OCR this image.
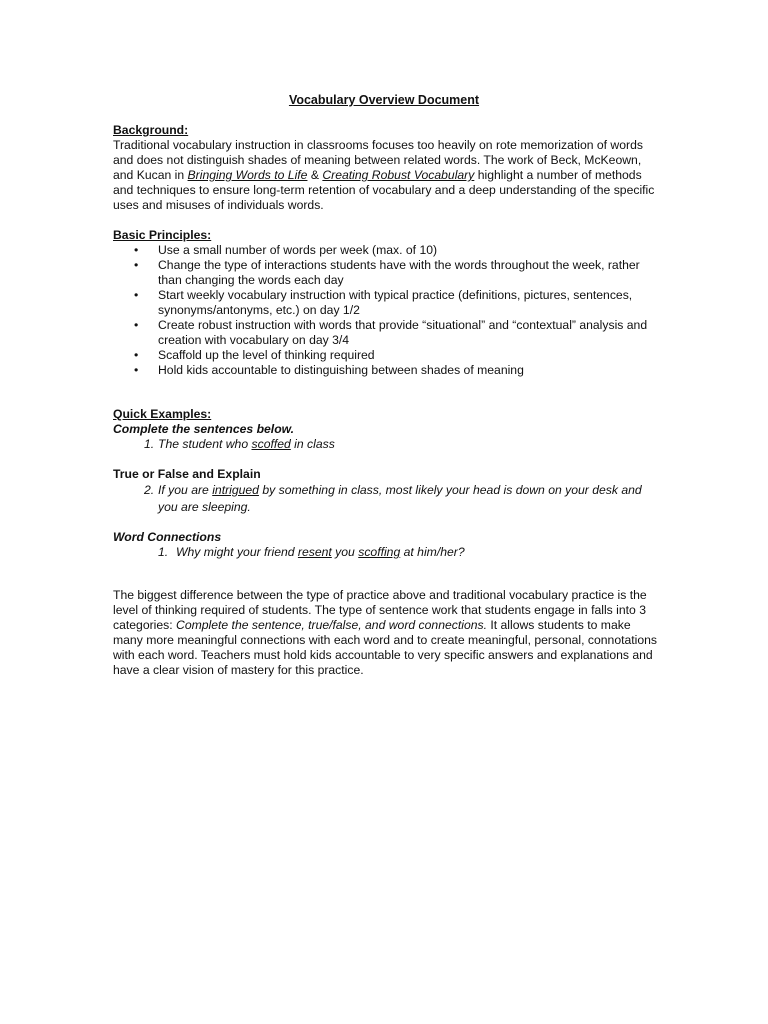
Vocabulary Overview Document
Background:

Traditional vocabulary instruction in classrooms focuses too heavily on rote memorization of words and does not distinguish shades of meaning between related words. The work of Beck, McKeown, and Kucan in Bringing Words to Life & Creating Robust Vocabulary highlight a number of methods and techniques to ensure long-term retention of vocabulary and a deep understanding of the specific uses and misuses of individuals words.

Basic Principles:
• Use a small number of words per week (max. of 10)
• Change the type of interactions students have with the words throughout the week, rather than changing the words each day
• Start weekly vocabulary instruction with typical practice (definitions, pictures, sentences, synonyms/antonyms, etc.) on day 1/2
• Create robust instruction with words that provide “situational” and “contextual” analysis and creation with vocabulary on day 3/4
• Scaffold up the level of thinking required
• Hold kids accountable to distinguishing between shades of meaning
Quick Examples:
Complete the sentences below.
1. The student who scoffed in class
True or False and Explain
2. If you are intrigued by something in class, most likely your head is down on your desk and you are sleeping.
Word Connections
1. Why might your friend resent you scoffing at him/her?

The biggest difference between the type of practice above and traditional vocabulary practice is the level of thinking required of students. The type of sentence work that students engage in falls into 3 categories: Complete the sentence, true/false, and word connections. It allows students to make many more meaningful connections with each word and to create meaningful, personal, connotations with each word. Teachers must hold kids accountable to very specific answers and explanations and have a clear vision of mastery for this practice.
